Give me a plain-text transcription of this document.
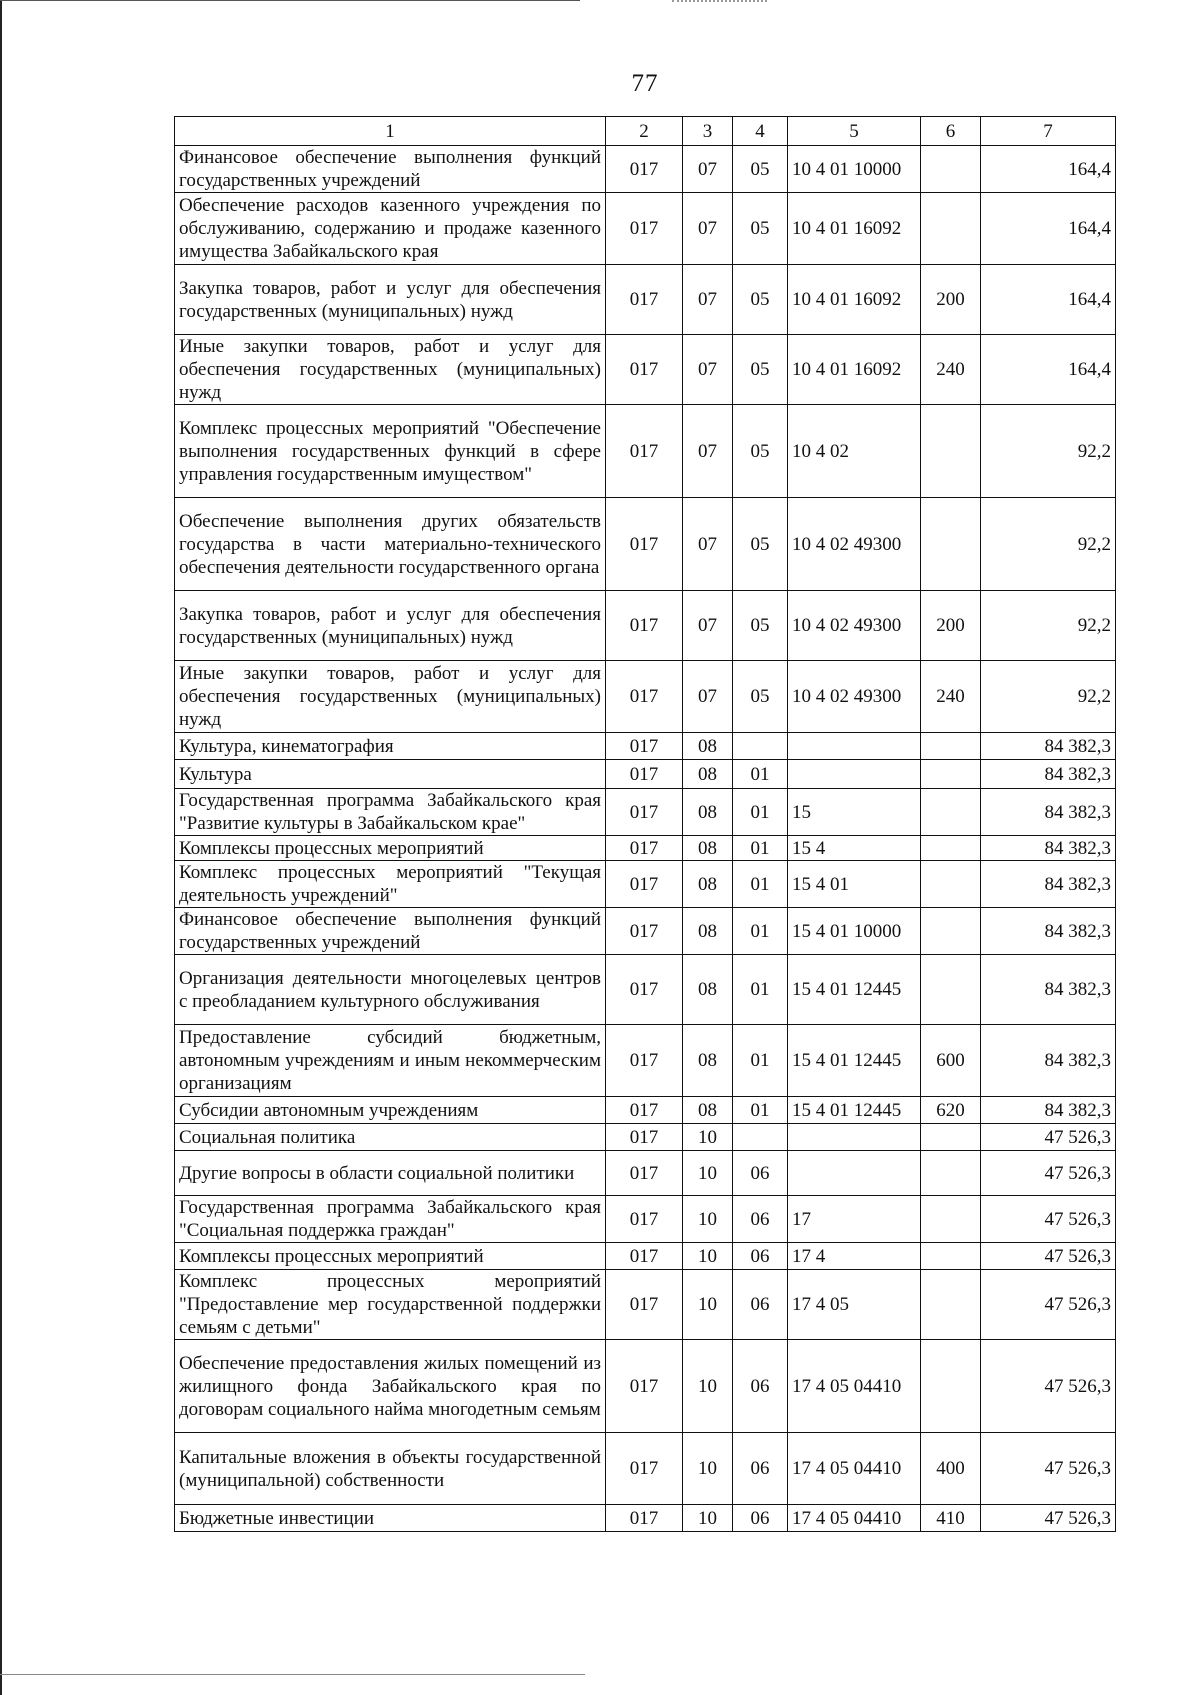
77
1	2	3	4	5	6	7
Финансовое обеспечение выполнения функций государственных учреждений	017	07	05	10 4 01 10000		164,4
Обеспечение расходов казенного учреждения по обслуживанию, содержанию и продаже казенного имущества Забайкальского края	017	07	05	10 4 01 16092		164,4
Закупка товаров, работ и услуг для обеспечения государственных (муниципальных) нужд	017	07	05	10 4 01 16092	200	164,4
Иные закупки товаров, работ и услуг для обеспечения государственных (муниципальных) нужд	017	07	05	10 4 01 16092	240	164,4
Комплекс процессных мероприятий "Обеспечение выполнения государственных функций в сфере управления государственным имуществом"	017	07	05	10 4 02		92,2
Обеспечение выполнения других обязательств государства в части материально-технического обеспечения деятельности государственного органа	017	07	05	10 4 02 49300		92,2
Закупка товаров, работ и услуг для обеспечения государственных (муниципальных) нужд	017	07	05	10 4 02 49300	200	92,2
Иные закупки товаров, работ и услуг для обеспечения государственных (муниципальных) нужд	017	07	05	10 4 02 49300	240	92,2
Культура, кинематография	017	08				84 382,3
Культура	017	08	01			84 382,3
Государственная программа Забайкальского края "Развитие культуры в Забайкальском крае"	017	08	01	15		84 382,3
Комплексы процессных мероприятий	017	08	01	15 4		84 382,3
Комплекс процессных мероприятий "Текущая деятельность учреждений"	017	08	01	15 4 01		84 382,3
Финансовое обеспечение выполнения функций государственных учреждений	017	08	01	15 4 01 10000		84 382,3
Организация деятельности многоцелевых центров с преобладанием культурного обслуживания	017	08	01	15 4 01 12445		84 382,3
Предоставление субсидий бюджетным, автономным учреждениям и иным некоммерческим организациям	017	08	01	15 4 01 12445	600	84 382,3
Субсидии автономным учреждениям	017	08	01	15 4 01 12445	620	84 382,3
Социальная политика	017	10				47 526,3
Другие вопросы в области социальной политики	017	10	06			47 526,3
Государственная программа Забайкальского края "Социальная поддержка граждан"	017	10	06	17		47 526,3
Комплексы процессных мероприятий	017	10	06	17 4		47 526,3
Комплекс процессных мероприятий "Предоставление мер государственной поддержки семьям с детьми"	017	10	06	17 4 05		47 526,3
Обеспечение предоставления жилых помещений из жилищного фонда Забайкальского края по договорам социального найма многодетным семьям	017	10	06	17 4 05 04410		47 526,3
Капитальные вложения в объекты государственной (муниципальной) собственности	017	10	06	17 4 05 04410	400	47 526,3
Бюджетные инвестиции	017	10	06	17 4 05 04410	410	47 526,3
